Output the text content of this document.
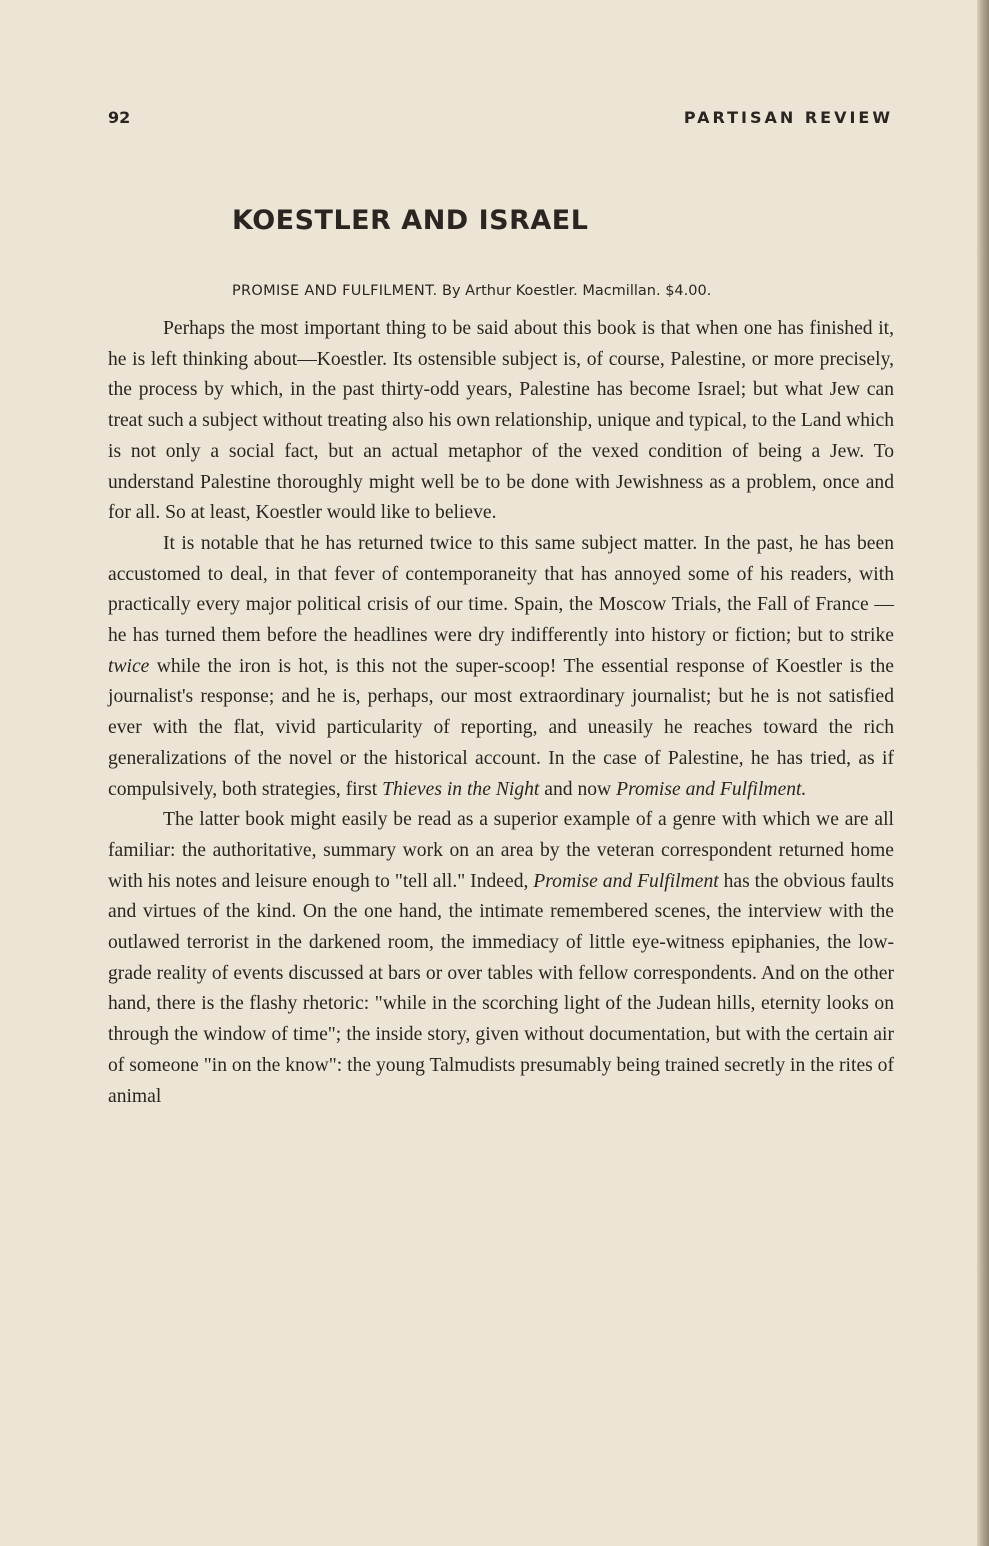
92	PARTISAN REVIEW
KOESTLER AND ISRAEL
PROMISE AND FULFILMENT. By Arthur Koestler. Macmillan. $4.00.

Perhaps the most important thing to be said about this book is that when one has finished it, he is left thinking about—Koestler. Its ostensible subject is, of course, Palestine, or more precisely, the process by which, in the past thirty-odd years, Palestine has become Israel; but what Jew can treat such a subject without treating also his own relationship, unique and typical, to the Land which is not only a social fact, but an actual metaphor of the vexed condition of being a Jew. To understand Palestine thoroughly might well be to be done with Jewishness as a problem, once and for all. So at least, Koestler would like to believe.

It is notable that he has returned twice to this same subject matter. In the past, he has been accustomed to deal, in that fever of contemporaneity that has annoyed some of his readers, with practically every major political crisis of our time. Spain, the Moscow Trials, the Fall of France —he has turned them before the headlines were dry indifferently into history or fiction; but to strike twice while the iron is hot, is this not the super-scoop! The essential response of Koestler is the journalist's response; and he is, perhaps, our most extraordinary journalist; but he is not satisfied ever with the flat, vivid particularity of reporting, and uneasily he reaches toward the rich generalizations of the novel or the historical account. In the case of Palestine, he has tried, as if compulsively, both strategies, first Thieves in the Night and now Promise and Fulfilment.

The latter book might easily be read as a superior example of a genre with which we are all familiar: the authoritative, summary work on an area by the veteran correspondent returned home with his notes and leisure enough to "tell all." Indeed, Promise and Fulfilment has the obvious faults and virtues of the kind. On the one hand, the intimate remembered scenes, the interview with the outlawed terrorist in the darkened room, the immediacy of little eye-witness epiphanies, the low-grade reality of events discussed at bars or over tables with fellow correspondents. And on the other hand, there is the flashy rhetoric: "while in the scorching light of the Judean hills, eternity looks on through the window of time"; the inside story, given without documentation, but with the certain air of someone "in on the know": the young Talmudists presumably being trained secretly in the rites of animal
